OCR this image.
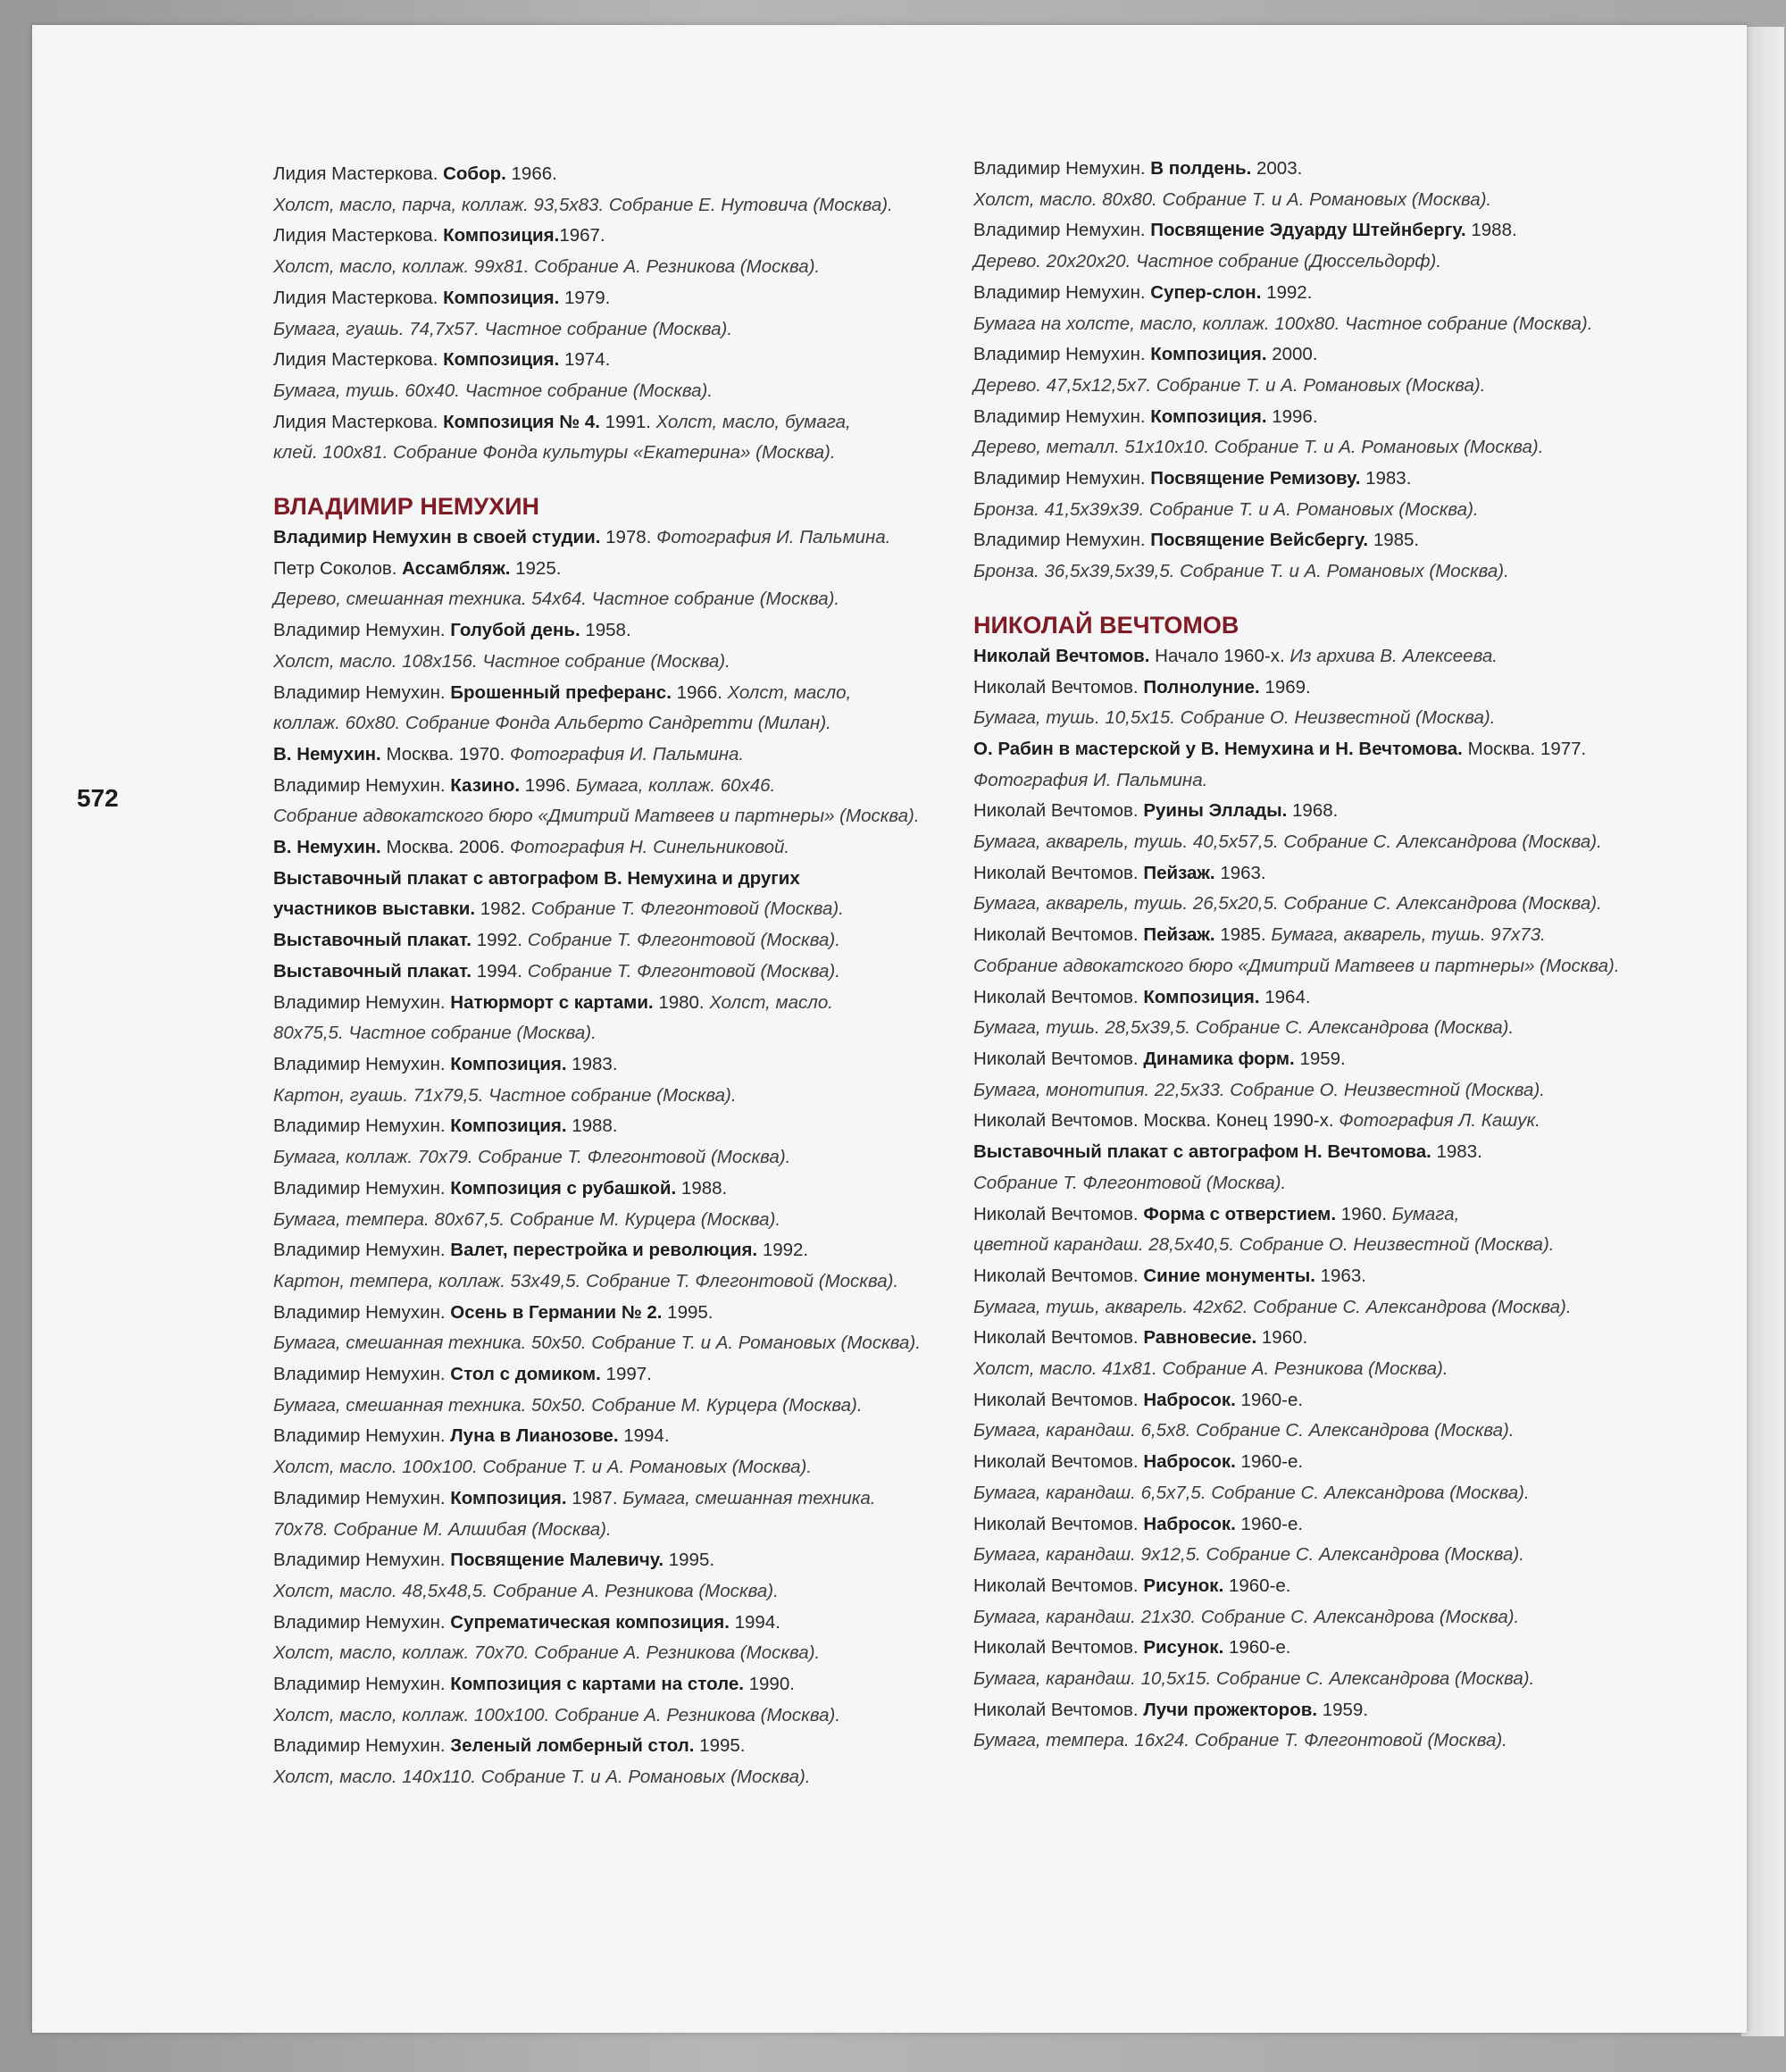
572
Лидия Мастеркова. Собор. 1966.
Холст, масло, парча, коллаж. 93,5x83. Собрание Е. Нутовича (Москва).
Лидия Мастеркова. Композиция.1967.
Холст, масло, коллаж. 99x81. Собрание А. Резникова (Москва).
Лидия Мастеркова. Композиция. 1979.
Бумага, гуашь. 74,7x57. Частное собрание (Москва).
Лидия Мастеркова. Композиция. 1974.
Бумага, тушь. 60x40. Частное собрание (Москва).
Лидия Мастеркова. Композиция № 4. 1991. Холст, масло, бумага,
клей. 100x81. Собрание Фонда культуры «Екатерина» (Москва).
ВЛАДИМИР НЕМУХИН
Владимир Немухин в своей студии. 1978. Фотография И. Пальмина.
Петр Соколов. Ассамбляж. 1925.
Дерево, смешанная техника. 54x64. Частное собрание (Москва).
Владимир Немухин. Голубой день. 1958.
Холст, масло. 108x156. Частное собрание (Москва).
Владимир Немухин. Брошенный преферанс. 1966. Холст, масло,
коллаж. 60x80. Собрание Фонда Альберто Сандретти (Милан).
В. Немухин. Москва. 1970. Фотография И. Пальмина.
Владимир Немухин. Казино. 1996. Бумага, коллаж. 60x46.
Собрание адвокатского бюро «Дмитрий Матвеев и партнеры» (Москва).
В. Немухин. Москва. 2006. Фотография Н. Синельниковой.
Выставочный плакат с автографом В. Немухина и других
участников выставки. 1982. Собрание Т. Флегонтовой (Москва).
Выставочный плакат. 1992. Собрание Т. Флегонтовой (Москва).
Выставочный плакат. 1994. Собрание Т. Флегонтовой (Москва).
Владимир Немухин. Натюрморт с картами. 1980. Холст, масло.
80x75,5. Частное собрание (Москва).
Владимир Немухин. Композиция. 1983.
Картон, гуашь. 71x79,5. Частное собрание (Москва).
Владимир Немухин. Композиция. 1988.
Бумага, коллаж. 70x79. Собрание Т. Флегонтовой (Москва).
Владимир Немухин. Композиция с рубашкой. 1988.
Бумага, темпера. 80x67,5. Собрание М. Курцера (Москва).
Владимир Немухин. Валет, перестройка и революция. 1992.
Картон, темпера, коллаж. 53x49,5. Собрание Т. Флегонтовой (Москва).
Владимир Немухин. Осень в Германии № 2. 1995.
Бумага, смешанная техника. 50x50. Собрание Т. и А. Романовых (Москва).
Владимир Немухин. Стол с домиком. 1997.
Бумага, смешанная техника. 50x50. Собрание М. Курцера (Москва).
Владимир Немухин. Луна в Лианозове. 1994.
Холст, масло. 100x100. Собрание Т. и А. Романовых (Москва).
Владимир Немухин. Композиция. 1987. Бумага, смешанная техника.
70x78. Собрание М. Алшибая (Москва).
Владимир Немухин. Посвящение Малевичу. 1995.
Холст, масло. 48,5x48,5. Собрание А. Резникова (Москва).
Владимир Немухин. Супрематическая композиция. 1994.
Холст, масло, коллаж. 70x70. Собрание А. Резникова (Москва).
Владимир Немухин. Композиция с картами на столе. 1990.
Холст, масло, коллаж. 100x100. Собрание А. Резникова (Москва).
Владимир Немухин. Зеленый ломберный стол. 1995.
Холст, масло. 140x110. Собрание Т. и А. Романовых (Москва).
Владимир Немухин. В полдень. 2003.
Холст, масло. 80x80. Собрание Т. и А. Романовых (Москва).
Владимир Немухин. Посвящение Эдуарду Штейнбергу. 1988.
Дерево. 20x20x20. Частное собрание (Дюссельдорф).
Владимир Немухин. Супер-слон. 1992.
Бумага на холсте, масло, коллаж. 100x80. Частное собрание (Москва).
Владимир Немухин. Композиция. 2000.
Дерево. 47,5x12,5x7. Собрание Т. и А. Романовых (Москва).
Владимир Немухин. Композиция. 1996.
Дерево, металл. 51x10x10. Собрание Т. и А. Романовых (Москва).
Владимир Немухин. Посвящение Ремизову. 1983.
Бронза. 41,5x39x39. Собрание Т. и А. Романовых (Москва).
Владимир Немухин. Посвящение Вейсбергу. 1985.
Бронза. 36,5x39,5x39,5. Собрание Т. и А. Романовых (Москва).
НИКОЛАЙ ВЕЧТОМОВ
Николай Вечтомов. Начало 1960-х. Из архива В. Алексеева.
Николай Вечтомов. Полнолуние. 1969.
Бумага, тушь. 10,5x15. Собрание О. Неизвестной (Москва).
О. Рабин в мастерской у В. Немухина и Н. Вечтомова. Москва. 1977.
Фотография И. Пальмина.
Николай Вечтомов. Руины Эллады. 1968.
Бумага, акварель, тушь. 40,5x57,5. Собрание С. Александрова (Москва).
Николай Вечтомов. Пейзаж. 1963.
Бумага, акварель, тушь. 26,5x20,5. Собрание С. Александрова (Москва).
Николай Вечтомов. Пейзаж. 1985. Бумага, акварель, тушь. 97x73.
Собрание адвокатского бюро «Дмитрий Матвеев и партнеры» (Москва).
Николай Вечтомов. Композиция. 1964.
Бумага, тушь. 28,5x39,5. Собрание С. Александрова (Москва).
Николай Вечтомов. Динамика форм. 1959.
Бумага, монотипия. 22,5x33. Собрание О. Неизвестной (Москва).
Николай Вечтомов. Москва. Конец 1990-х. Фотография Л. Кашук.
Выставочный плакат с автографом Н. Вечтомова. 1983.
Собрание Т. Флегонтовой (Москва).
Николай Вечтомов. Форма с отверстием. 1960. Бумага,
цветной карандаш. 28,5x40,5. Собрание О. Неизвестной (Москва).
Николай Вечтомов. Синие монументы. 1963.
Бумага, тушь, акварель. 42x62. Собрание С. Александрова (Москва).
Николай Вечтомов. Равновесие. 1960.
Холст, масло. 41x81. Собрание А. Резникова (Москва).
Николай Вечтомов. Набросок. 1960-е.
Бумага, карандаш. 6,5x8. Собрание С. Александрова (Москва).
Николай Вечтомов. Набросок. 1960-е.
Бумага, карандаш. 6,5x7,5. Собрание С. Александрова (Москва).
Николай Вечтомов. Набросок. 1960-е.
Бумага, карандаш. 9x12,5. Собрание С. Александрова (Москва).
Николай Вечтомов. Рисунок. 1960-е.
Бумага, карандаш. 21x30. Собрание С. Александрова (Москва).
Николай Вечтомов. Рисунок. 1960-е.
Бумага, карандаш. 10,5x15. Собрание С. Александрова (Москва).
Николай Вечтомов. Лучи прожекторов. 1959.
Бумага, темпера. 16x24. Собрание Т. Флегонтовой (Москва).
